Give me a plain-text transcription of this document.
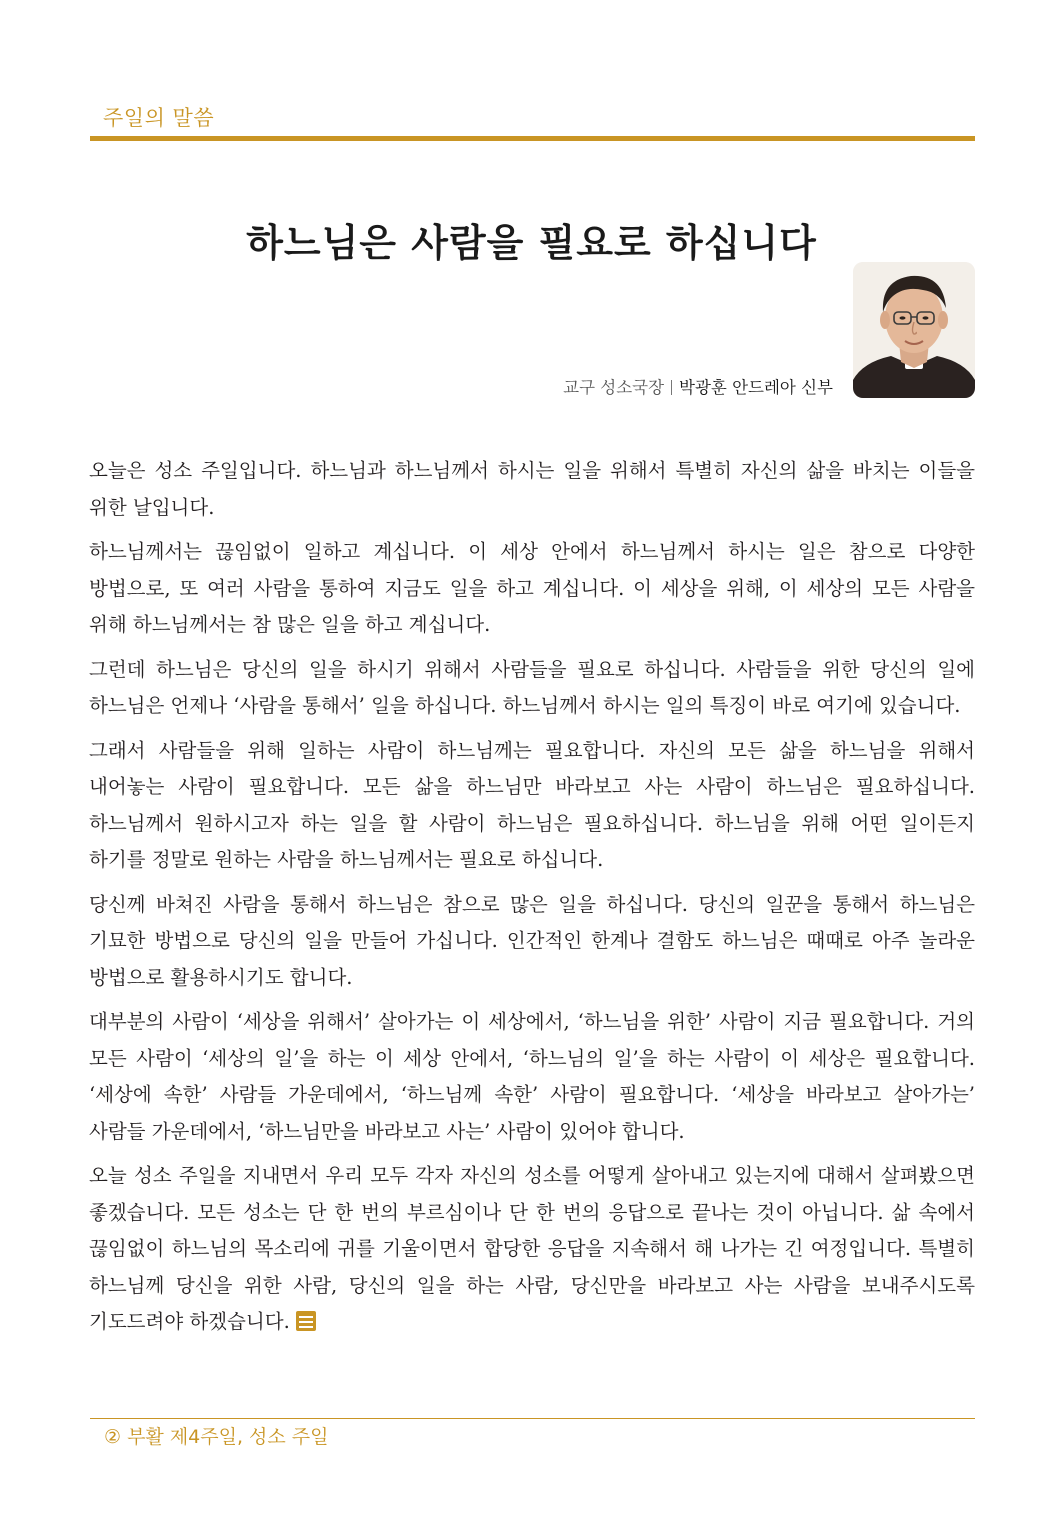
주일의 말씀
하느님은 사람을 필요로 하십니다
교구 성소국장 박광훈 안드레아 신부

오늘은 성소 주일입니다. 하느님과 하느님께서 하시는 일을 위해서 특별히 자신의 삶을 바치는 이들을 위한 날입니다.

하느님께서는 끊임없이 일하고 계십니다. 이 세상 안에서 하느님께서 하시는 일은 참으로 다양한 방법으로, 또 여러 사람을 통하여 지금도 일을 하고 계십니다. 이 세상을 위해, 이 세상의 모든 사람을 위해 하느님께서는 참 많은 일을 하고 계십니다.

그런데 하느님은 당신의 일을 하시기 위해서 사람들을 필요로 하십니다. 사람들을 위한 당신의 일에 하느님은 언제나 ‘사람을 통해서’ 일을 하십니다. 하느님께서 하시는 일의 특징이 바로 여기에 있습니다.

그래서 사람들을 위해 일하는 사람이 하느님께는 필요합니다. 자신의 모든 삶을 하느님을 위해서 내어놓는 사람이 필요합니다. 모든 삶을 하느님만 바라보고 사는 사람이 하느님은 필요하십니다. 하느님께서 원하시고자 하는 일을 할 사람이 하느님은 필요하십니다. 하느님을 위해 어떤 일이든지 하기를 정말로 원하는 사람을 하느님께서는 필요로 하십니다.

당신께 바쳐진 사람을 통해서 하느님은 참으로 많은 일을 하십니다. 당신의 일꾼을 통해서 하느님은 기묘한 방법으로 당신의 일을 만들어 가십니다. 인간적인 한계나 결함도 하느님은 때때로 아주 놀라운 방법으로 활용하시기도 합니다.

대부분의 사람이 ‘세상을 위해서’ 살아가는 이 세상에서, ‘하느님을 위한’ 사람이 지금 필요합니다. 거의 모든 사람이 ‘세상의 일’을 하는 이 세상 안에서, ‘하느님의 일’을 하는 사람이 이 세상은 필요합니다. ‘세상에 속한’ 사람들 가운데에서, ‘하느님께 속한’ 사람이 필요합니다. ‘세상을 바라보고 살아가는’ 사람들 가운데에서, ‘하느님만을 바라보고 사는’ 사람이 있어야 합니다.

오늘 성소 주일을 지내면서 우리 모두 각자 자신의 성소를 어떻게 살아내고 있는지에 대해서 살펴봤으면 좋겠습니다. 모든 성소는 단 한 번의 부르심이나 단 한 번의 응답으로 끝나는 것이 아닙니다. 삶 속에서 끊임없이 하느님의 목소리에 귀를 기울이면서 합당한 응답을 지속해서 해 나가는 긴 여정입니다. 특별히 하느님께 당신을 위한 사람, 당신의 일을 하는 사람, 당신만을 바라보고 사는 사람을 보내주시도록 기도드려야 하겠습니다.

② 부활 제4주일, 성소 주일
